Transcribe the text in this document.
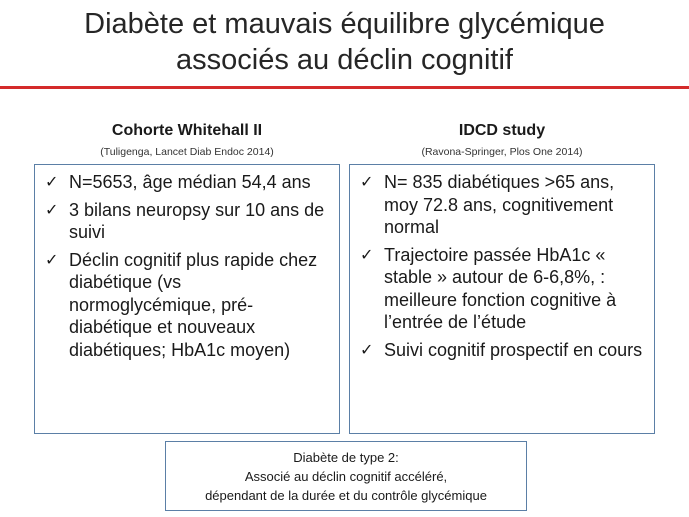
Diabète et mauvais équilibre glycémique
associés au déclin cognitif
Cohorte Whitehall II
(Tuligenga, Lancet Diab Endoc 2014)
IDCD study
(Ravona-Springer, Plos One 2014)
✓ N=5653, âge médian 54,4 ans
✓ 3 bilans neuropsy sur 10 ans de suivi
✓ Déclin cognitif plus rapide chez diabétique (vs normoglycémique, pré-diabétique et nouveaux diabétiques; HbA1c moyen)
✓ N= 835 diabétiques >65 ans, moy 72.8 ans, cognitivement normal
✓ Trajectoire passée HbA1c « stable » autour de 6-6,8%, : meilleure fonction cognitive à l’entrée de l’étude
✓ Suivi cognitif prospectif en cours
Diabète de type 2:
Associé au déclin cognitif accéléré,
dépendant de la durée et du contrôle glycémique
